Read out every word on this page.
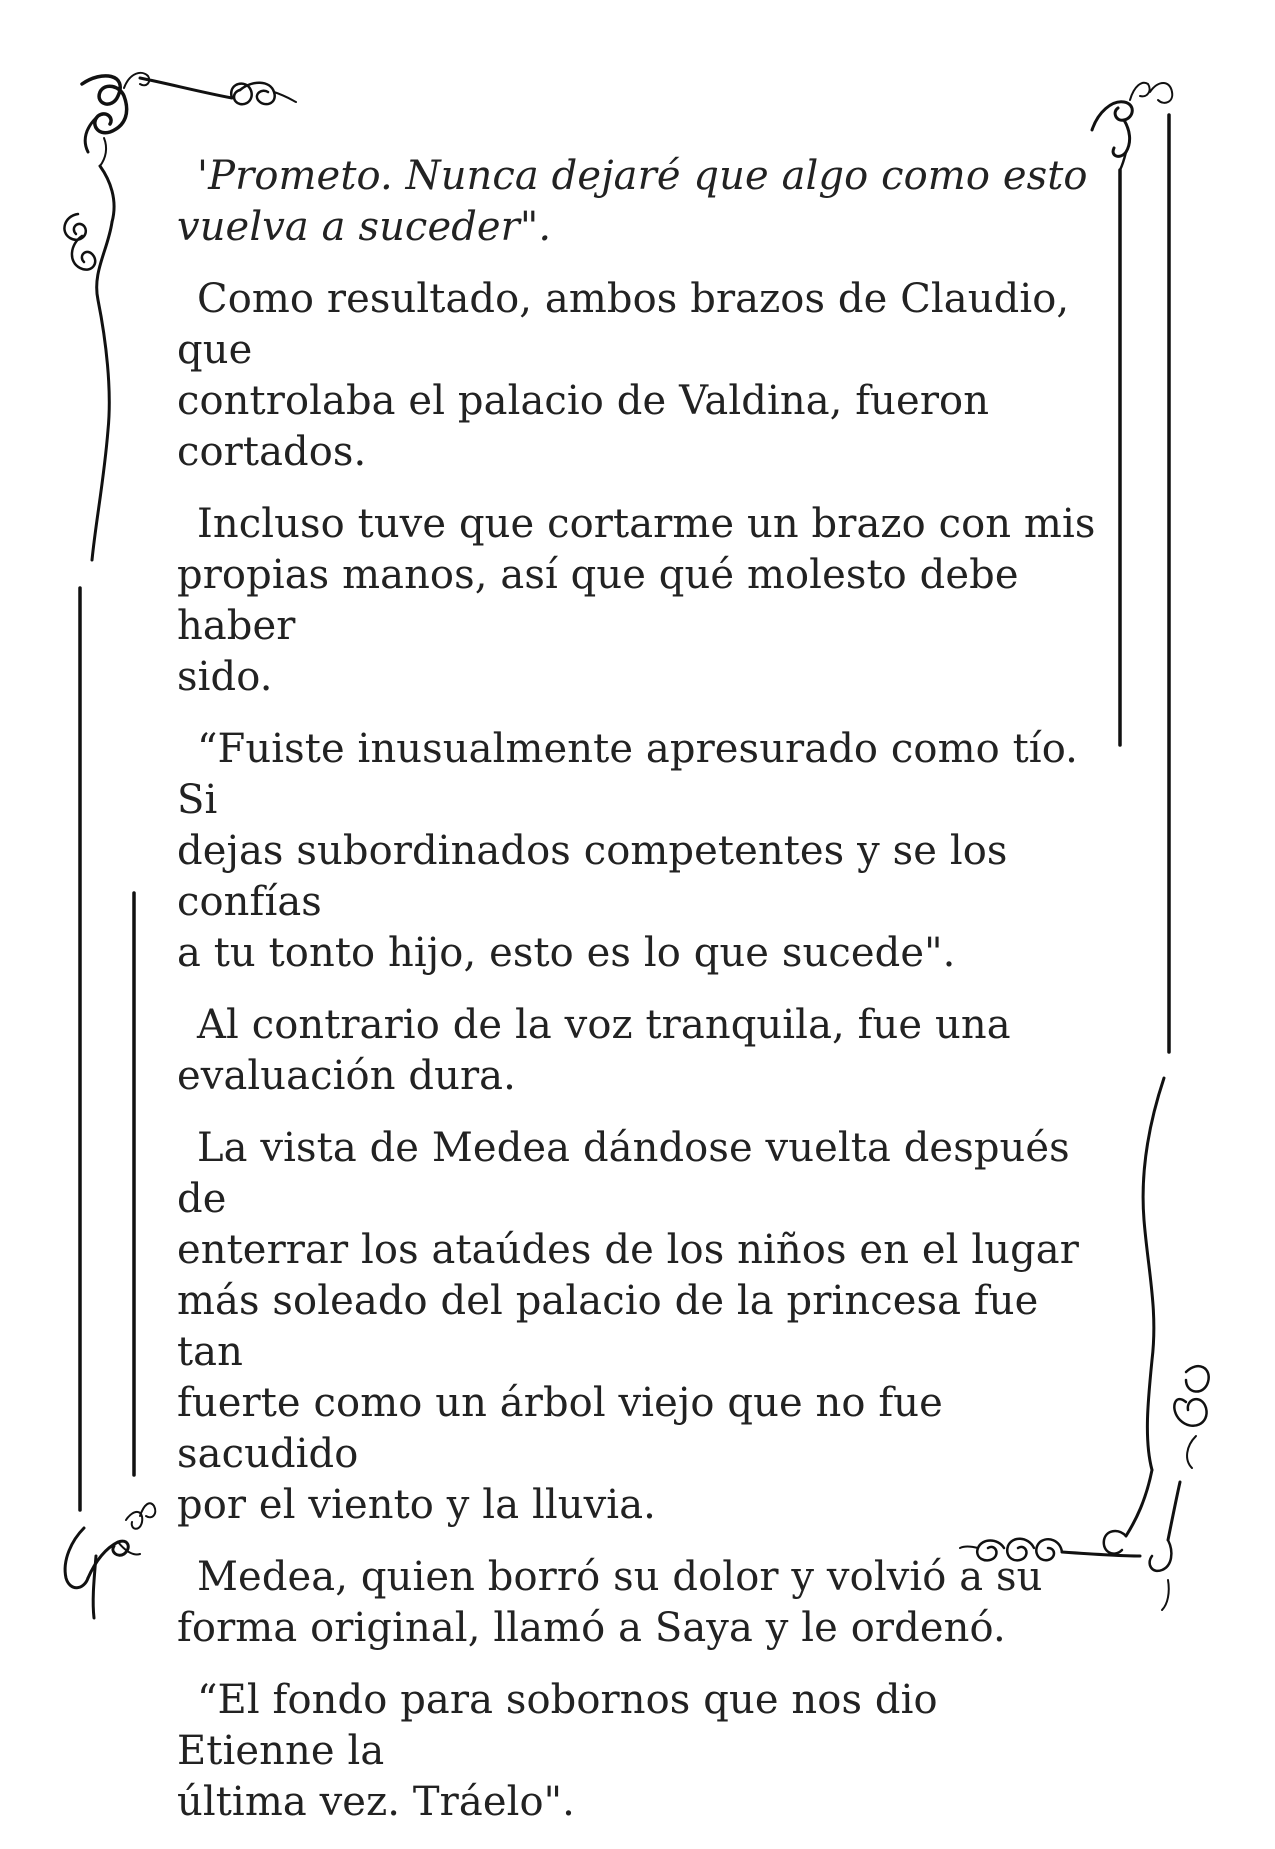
'Prometo. Nunca dejaré que algo como esto
vuelva a suceder".

Como resultado, ambos brazos de Claudio, que
controlaba el palacio de Valdina, fueron
cortados.

Incluso tuve que cortarme un brazo con mis
propias manos, así que qué molesto debe haber
sido.

“Fuiste inusualmente apresurado como tío. Si
dejas subordinados competentes y se los confías
a tu tonto hijo, esto es lo que sucede".

Al contrario de la voz tranquila, fue una
evaluación dura.

La vista de Medea dándose vuelta después de
enterrar los ataúdes de los niños en el lugar
más soleado del palacio de la princesa fue tan
fuerte como un árbol viejo que no fue sacudido
por el viento y la lluvia.

Medea, quien borró su dolor y volvió a su
forma original, llamó a Saya y le ordenó.

“El fondo para sobornos que nos dio Etienne la
última vez. Tráelo".
